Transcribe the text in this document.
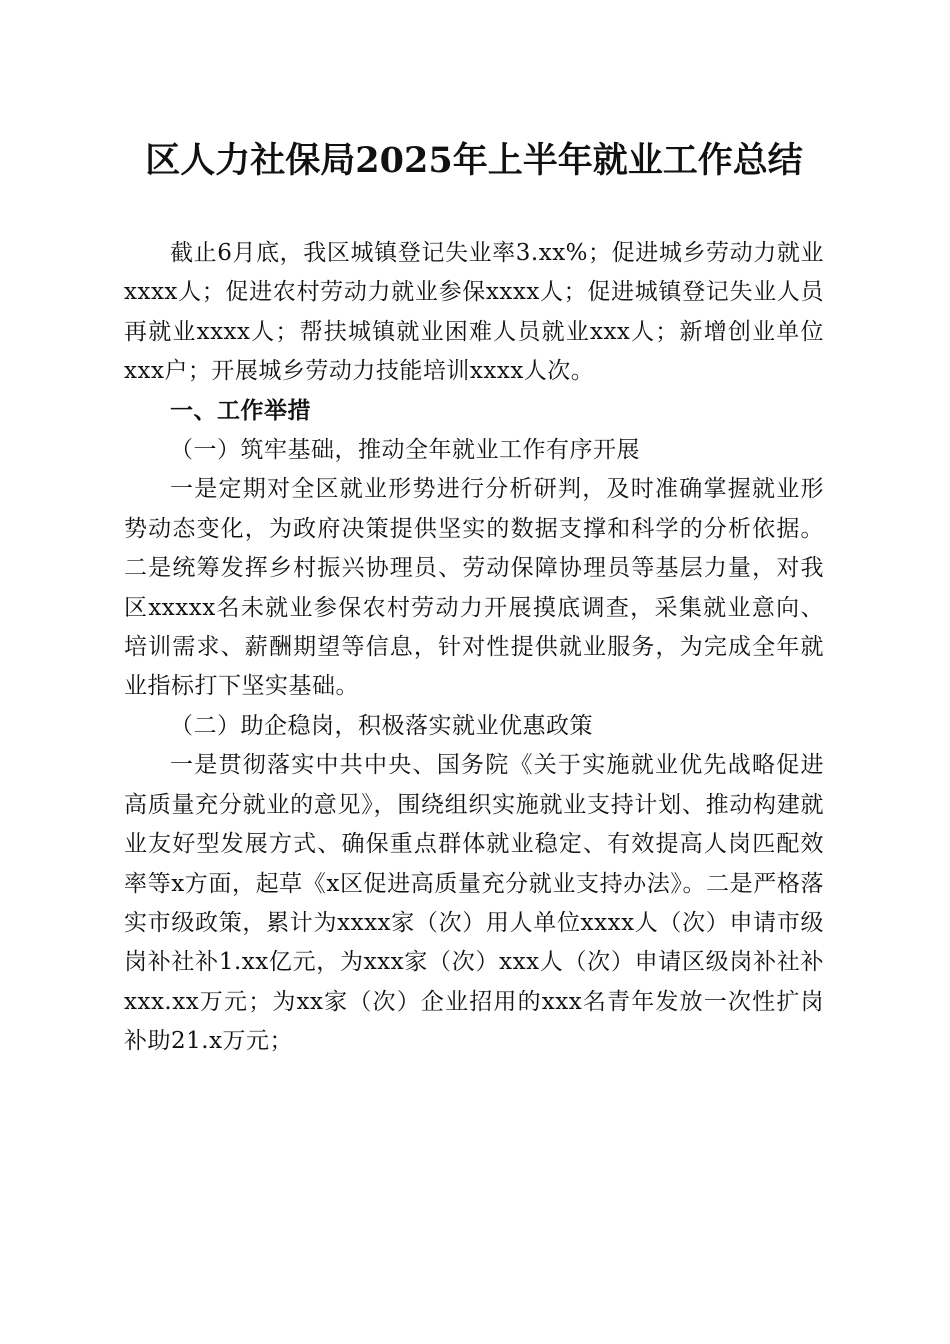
区人力社保局2025年上半年就业工作总结

截止6月底，我区城镇登记失业率3.xx%；促进城乡劳动力就业xxxx人；促进农村劳动力就业参保xxxx人；促进城镇登记失业人员再就业xxxx人；帮扶城镇就业困难人员就业xxx人；新增创业单位xxx户；开展城乡劳动力技能培训xxxx人次。

一、工作举措

（一）筑牢基础，推动全年就业工作有序开展

一是定期对全区就业形势进行分析研判，及时准确掌握就业形势动态变化，为政府决策提供坚实的数据支撑和科学的分析依据。二是统筹发挥乡村振兴协理员、劳动保障协理员等基层力量，对我区xxxxx名未就业参保农村劳动力开展摸底调查，采集就业意向、培训需求、薪酬期望等信息，针对性提供就业服务，为完成全年就业指标打下坚实基础。

（二）助企稳岗，积极落实就业优惠政策

一是贯彻落实中共中央、国务院《关于实施就业优先战略促进高质量充分就业的意见》，围绕组织实施就业支持计划、推动构建就业友好型发展方式、确保重点群体就业稳定、有效提高人岗匹配效率等x方面，起草《x区促进高质量充分就业支持办法》。二是严格落实市级政策，累计为xxxx家（次）用人单位xxxx人（次）申请市级岗补社补1.xx亿元，为xxx家（次）xxx人（次）申请区级岗补社补xxx.xx万元；为xx家（次）企业招用的xxx名青年发放一次性扩岗补助21.x万元；
